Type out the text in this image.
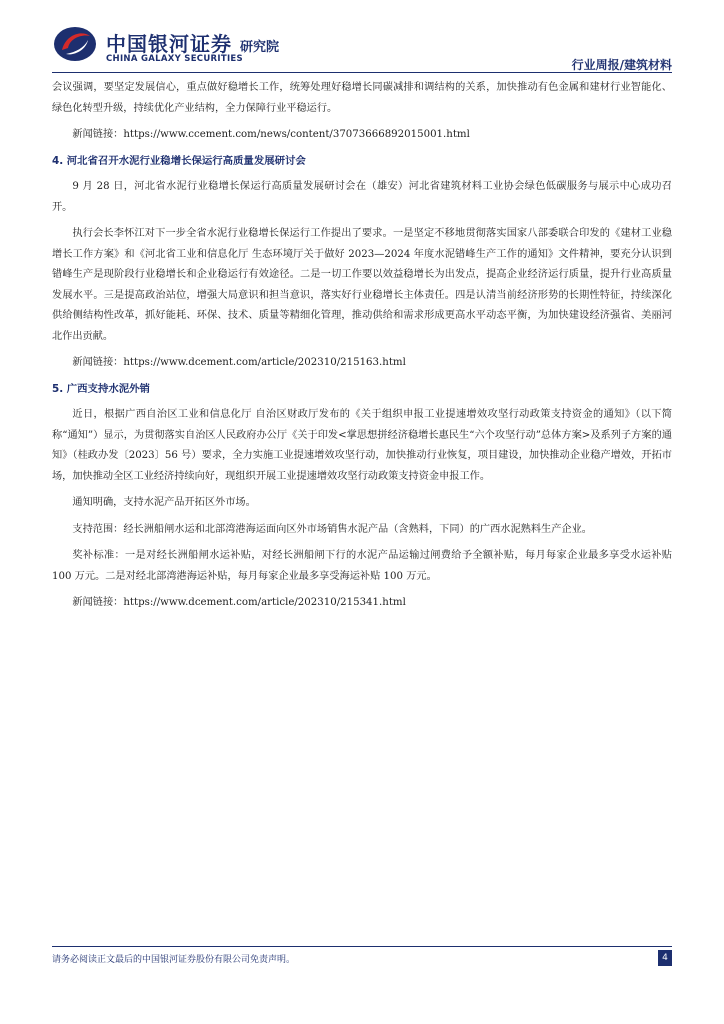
中国银河证券
CHINA GALAXY SECURITIES
研究院
行业周报/建筑材料

会议强调，要坚定发展信心，重点做好稳增长工作，统筹处理好稳增长同碳减排和调结构的关系，加快推动有色金属和建材行业智能化、绿色化转型升级，持续优化产业结构，全力保障行业平稳运行。

新闻链接：https://www.ccement.com/news/content/37073666892015001.html

4. 河北省召开水泥行业稳增长保运行高质量发展研讨会

9 月 28 日，河北省水泥行业稳增长保运行高质量发展研讨会在（雄安）河北省建筑材料工业协会绿色低碳服务与展示中心成功召开。

执行会长李怀江对下一步全省水泥行业稳增长保运行工作提出了要求。一是坚定不移地贯彻落实国家八部委联合印发的《建材工业稳增长工作方案》和《河北省工业和信息化厅 生态环境厅关于做好 2023—2024 年度水泥错峰生产工作的通知》文件精神，要充分认识到错峰生产是现阶段行业稳增长和企业稳运行有效途径。二是一切工作要以效益稳增长为出发点，提高企业经济运行质量，提升行业高质量发展水平。三是提高政治站位，增强大局意识和担当意识，落实好行业稳增长主体责任。四是认清当前经济形势的长期性特征，持续深化供给侧结构性改革，抓好能耗、环保、技术、质量等精细化管理，推动供给和需求形成更高水平动态平衡，为加快建设经济强省、美丽河北作出贡献。

新闻链接：https://www.dcement.com/article/202310/215163.html

5. 广西支持水泥外销

近日，根据广西自治区工业和信息化厅 自治区财政厅发布的《关于组织申报工业提速增效攻坚行动政策支持资金的通知》（以下简称“通知”）显示，为贯彻落实自治区人民政府办公厅《关于印发<掌思想拼经济稳增长惠民生“六个攻坚行动”总体方案>及系列子方案的通知》（桂政办发〔2023〕56 号）要求，全力实施工业提速增效攻坚行动，加快推动行业恢复，项目建设，加快推动企业稳产增效，开拓市场，加快推动全区工业经济持续向好，现组织开展工业提速增效攻坚行动政策支持资金申报工作。

通知明确，支持水泥产品开拓区外市场。

支持范围：经长洲船闸水运和北部湾港海运面向区外市场销售水泥产品（含熟料，下同）的广西水泥熟料生产企业。

奖补标准：一是对经长洲船闸水运补贴，对经长洲船闸下行的水泥产品运输过闸费给予全额补贴，每月每家企业最多享受水运补贴 100 万元。二是对经北部湾港海运补贴，每月每家企业最多享受海运补贴 100 万元。

新闻链接：https://www.dcement.com/article/202310/215341.html

请务必阅读正文最后的中国银河证券股份有限公司免责声明。	4
